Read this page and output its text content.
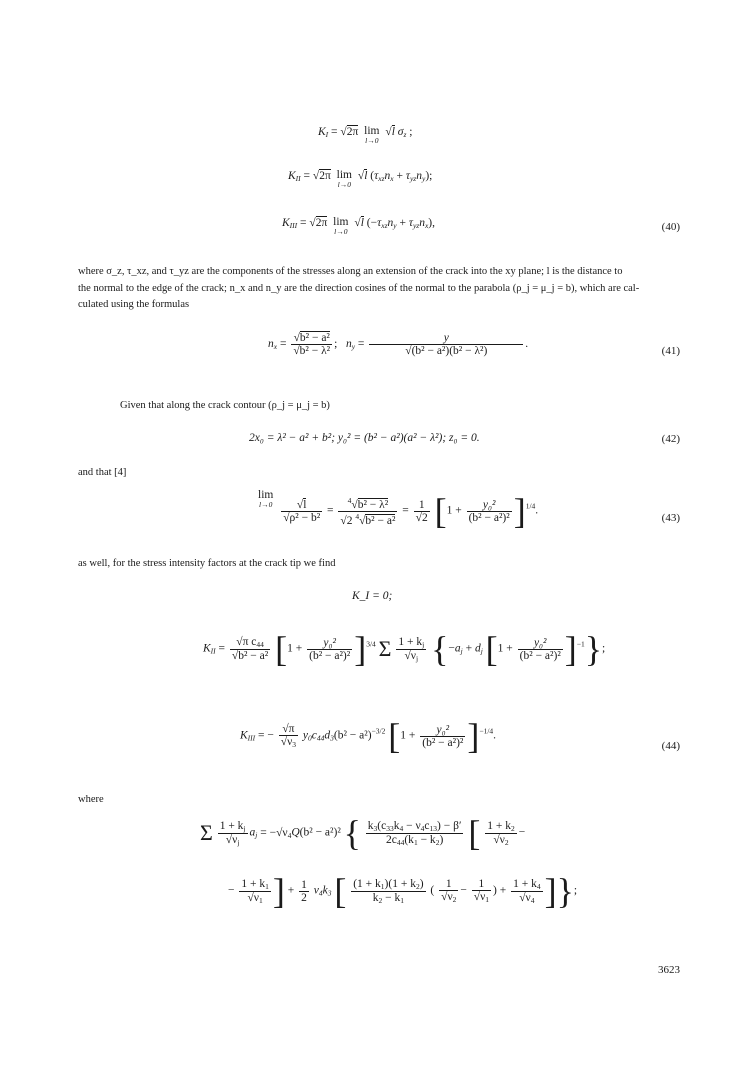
$K_I = √2\pi$ lim
l→0
√l $\sigma_z$ ;
$K_{II} = √2\pi$ lim
l→0
√l $(\tau_{xz}n_x + \tau_{yz}n_y)$;
$K_{III} = √2\pi$ lim
l→0
√l $(-\tau_{xz}n_y + \tau_{yz}n_x)$,	(40)
where σ_z, τ_xz, and τ_yz are the components of the stresses along an extension of the crack into the xy plane; l is the distance to
the normal to the edge of the crack; n_x and n_y are the direction cosines of the normal to the parabola (ρ_j = μ_j = b), which are cal-
culated using the formulas
$n_x = \frac{\text{√b² − a²}}{\text{√b² − λ²}}$ ;   $n_y = \frac{y}{\text{√(b² − a²)(b² − λ²)}}$ .
(41)
Given that along the crack contour (ρ_j = μ_j = b)
2x₀ = λ² − a² + b²; y₀² = (b² − a²)(a² − λ²); z₀ = 0.	(42)
and that [4]
lim
l→0
$\frac{√l}{\text{√ρ² − b²}} = \frac{^4√b^2 - \lambda^2}{√2 ^4√b^2 - a^2} = \frac{1}{√2} [1 + \frac{\text{y₀²}}{\text{(b² − a²)²}} ]^{1/4}$.
(43)
as well, for the stress intensity factors at the crack tip we find
K_I = 0;
$K_{II} = \frac{√\pi c_{44}}{\text{√b² − a²}} [1 + \frac{\text{y₀²}}{\text{(b² − a²)²}} ]^{3/4}$ Σ $\frac{1 + k_j}{√\nu_j} \{-a_j + d_j$ $[1 + \frac{\text{y₀²}}{\text{(b² − a²)²}} ]^{-1}$};
$K_{III}$ = − $\frac{√\pi}{√\nu_3} y_0c_{44}d_3(b^2 - a^2)^{-3/2}$ $[1 + \frac{\text{y₀²}}{\text{(b² − a²)²}} ]^{-1/4}$.
(44)
where
Σ $\frac{1 + k_j}{√\nu_j} a_j = -√\nu_4Q(b^2 - a^2)^2$ { $\frac{k_3(c_{33}k_4 - \nu_4c_{13}) - \beta'}{2c_{44}(k_1 - k_2)}$ [ $\frac{1 + k_2}{√\nu_2}$ −
− $\frac{1 + k_1}{√\nu_1}$ ] + $\frac{1}{2} \nu_4k_3$ [ $\frac{(1 + k_1)(1 + k_2)}{k_2 - k_1}$ ( $\frac{1}{√\nu_2} - \frac{1}{√\nu_1}$ ) + $\frac{1 + k_4}{√\nu_4}$ ]};
3623
